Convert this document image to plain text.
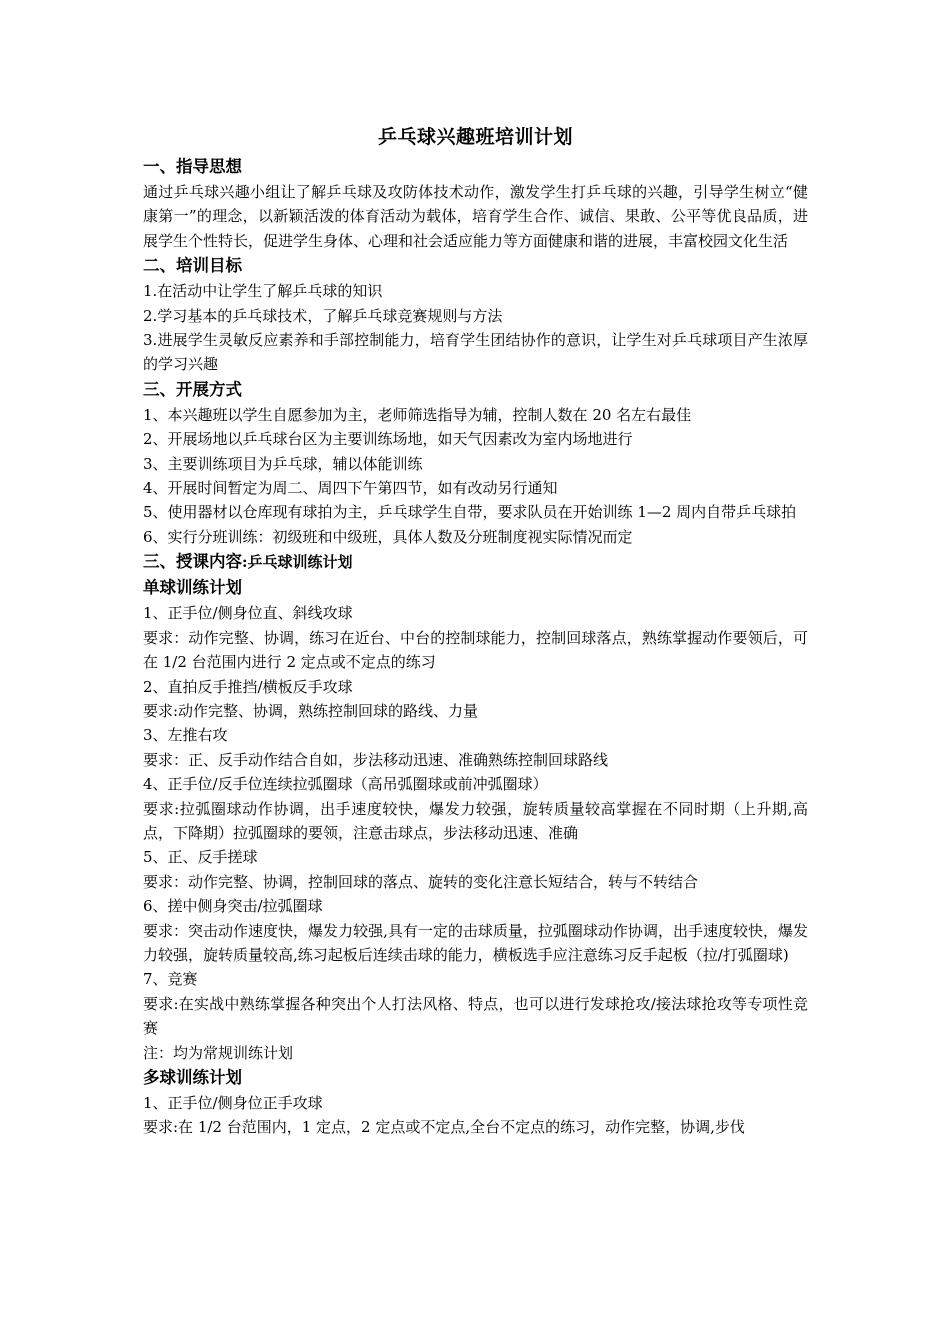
乒乓球兴趣班培训计划
一、指导思想

通过乒乓球兴趣小组让了解乒乓球及攻防体技术动作，激发学生打乒乓球的兴趣，引导学生树立“健康第一”的理念，以新颖活泼的体育活动为载体，培育学生合作、诚信、果敢、公平等优良品质，进展学生个性特长，促进学生身体、心理和社会适应能力等方面健康和谐的进展，丰富校园文化生活

二、培训目标

1.在活动中让学生了解乒乓球的知识

2.学习基本的乒乓球技术，了解乒乓球竞赛规则与方法

3.进展学生灵敏反应素养和手部控制能力，培育学生团结协作的意识，让学生对乒乓球项目产生浓厚的学习兴趣

三、开展方式

1、本兴趣班以学生自愿参加为主，老师筛选指导为辅，控制人数在 20 名左右最佳

2、开展场地以乒乓球台区为主要训练场地，如天气因素改为室内场地进行

3、主要训练项目为乒乓球，辅以体能训练

4、开展时间暂定为周二、周四下午第四节，如有改动另行通知

5、使用器材以仓库现有球拍为主，乒乓球学生自带，要求队员在开始训练 1—2 周内自带乒乓球拍

6、实行分班训练：初级班和中级班，具体人数及分班制度视实际情况而定

三、授课内容:乒乓球训练计划
单球训练计划

1、正手位/侧身位直、斜线攻球

要求：动作完整、协调，练习在近台、中台的控制球能力，控制回球落点，熟练掌握动作要领后，可在 1/2 台范围内进行 2 定点或不定点的练习

2、直拍反手推挡/横板反手攻球

要求:动作完整、协调，熟练控制回球的路线、力量

3、左推右攻

要求：正、反手动作结合自如，步法移动迅速、准确熟练控制回球路线

4、正手位/反手位连续拉弧圈球（高吊弧圈球或前冲弧圈球）

要求:拉弧圈球动作协调，出手速度较快，爆发力较强，旋转质量较高掌握在不同时期（上升期,高点，下降期）拉弧圈球的要领，注意击球点，步法移动迅速、准确

5、正、反手搓球

要求：动作完整、协调，控制回球的落点、旋转的变化注意长短结合，转与不转结合

6、搓中侧身突击/拉弧圈球

要求：突击动作速度快，爆发力较强,具有一定的击球质量，拉弧圈球动作协调，出手速度较快，爆发力较强，旋转质量较高,练习起板后连续击球的能力，横板选手应注意练习反手起板（拉/打弧圈球)

7、竞赛

要求:在实战中熟练掌握各种突出个人打法风格、特点，也可以进行发球抢攻/接法球抢攻等专项性竞赛

注：均为常规训练计划

多球训练计划

1、正手位/侧身位正手攻球

要求:在 1/2 台范围内，1 定点，2 定点或不定点,全台不定点的练习，动作完整，协调,步伐
